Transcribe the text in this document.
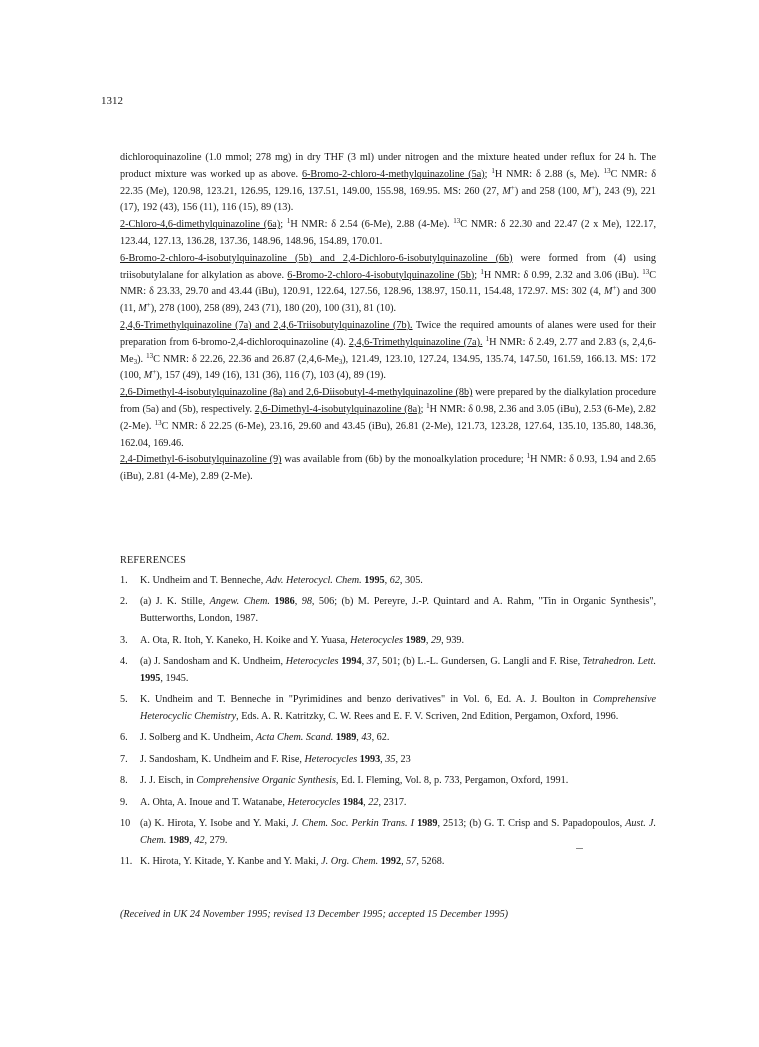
1312
dichloroquinazoline (1.0 mmol; 278 mg) in dry THF (3 ml) under nitrogen and the mixture heated under reflux for 24 h. The product mixture was worked up as above. 6-Bromo-2-chloro-4-methylquinazoline (5a); $^1$H NMR: δ 2.88 (s, Me). $^{13}$C NMR: δ 22.35 (Me), 120.98, 123.21, 126.95, 129.16, 137.51, 149.00, 155.98, 169.95. MS: 260 (27, M+) and 258 (100, M+), 243 (9), 221 (17), 192 (43), 156 (11), 116 (15), 89 (13).
2-Chloro-4,6-dimethylquinazoline (6a); $^1$H NMR: δ 2.54 (6-Me), 2.88 (4-Me). $^{13}$C NMR: δ 22.30 and 22.47 (2 x Me), 122.17, 123.44, 127.13, 136.28, 137.36, 148.96, 148.96, 154.89, 170.01.
6-Bromo-2-chloro-4-isobutylquinazoline (5b) and 2,4-Dichloro-6-isobutylquinazoline (6b) were formed from (4) using triisobutylalane for alkylation as above. 6-Bromo-2-chloro-4-isobutylquinazoline (5b); $^1$H NMR: δ 0.99, 2.32 and 3.06 (iBu). $^{13}$C NMR: δ 23.33, 29.70 and 43.44 (iBu), 120.91, 122.64, 127.56, 128.96, 138.97, 150.11, 154.48, 172.97. MS: 302 (4, M+) and 300 (11, M+), 278 (100), 258 (89), 243 (71), 180 (20), 100 (31), 81 (10).
2,4,6-Trimethylquinazoline (7a) and 2,4,6-Triisobutylquinazoline (7b). Twice the required amounts of alanes were used for their preparation from 6-bromo-2,4-dichloroquinazoline (4). 2,4,6-Trimethylquinazoline (7a). $^1$H NMR: δ 2.49, 2.77 and 2.83 (s, $2,4,6-Me_3$). $^{13}$C NMR: δ 22.26, 22.36 and 26.87 $(2,4,6-Me_3)$, 121.49, 123.10, 127.24, 134.95, 135.74, 147.50, 161.59, 166.13. MS: 172 (100, M+), 157 (49), 149 (16), 131 (36), 116 (7), 103 (4), 89 (19).
2,6-Dimethyl-4-isobutylquinazoline (8a) and 2,6-Diisobutyl-4-methylquinazoline (8b) were prepared by the dialkylation procedure from (5a) and (5b), respectively. 2,6-Dimethyl-4-isobutylquinazoline (8a); $^1$H NMR: δ 0.98, 2.36 and 3.05 (iBu), 2.53 (6-Me), 2.82 (2-Me). $^{13}$C NMR: δ 22.25 (6-Me), 23.16, 29.60 and 43.45 (iBu), 26.81 (2-Me), 121.73, 123.28, 127.64, 135.10, 135.80, 148.36, 162.04, 169.46.
2,4-Dimethyl-6-isobutylquinazoline (9) was available from (6b) by the monoalkylation procedure; $^1$H NMR: δ 0.93, 1.94 and 2.65 (iBu), 2.81 (4-Me), 2.89 (2-Me).
REFERENCES
1.	K. Undheim and T. Benneche, Adv. Heterocycl. Chem. 1995, 62, 305.
2.	(a) J. K. Stille, Angew. Chem. 1986, 98, 506; (b) M. Pereyre, J.-P. Quintard and A. Rahm, "Tin in Organic Synthesis", Butterworths, London, 1987.
3.	A. Ota, R. Itoh, Y. Kaneko, H. Koike and Y. Yuasa, Heterocycles 1989, 29, 939.
4.	(a) J. Sandosham and K. Undheim, Heterocycles 1994, 37, 501; (b) L.-L. Gundersen, G. Langli and F. Rise, Tetrahedron. Lett. 1995, 1945.
5.	K. Undheim and T. Benneche in "Pyrimidines and benzo derivatives" in Vol. 6, Ed. A. J. Boulton in Comprehensive Heterocyclic Chemistry, Eds. A. R. Katritzky, C. W. Rees and E. F. V. Scriven, 2nd Edition, Pergamon, Oxford, 1996.
6.	J. Solberg and K. Undheim, Acta Chem. Scand. 1989, 43, 62.
7.	J. Sandosham, K. Undheim and F. Rise, Heterocycles 1993, 35, 23
8.	J. J. Eisch, in Comprehensive Organic Synthesis, Ed. I. Fleming, Vol. 8, p. 733, Pergamon, Oxford, 1991.
9.	A. Ohta, A. Inoue and T. Watanabe, Heterocycles 1984, 22, 2317.
10 (a) K. Hirota, Y. Isobe and Y. Maki, J. Chem. Soc. Perkin Trans. I 1989, 2513; (b) G. T. Crisp and S. Papadopoulos, Aust. J. Chem. 1989, 42, 279.
11. K. Hirota, Y. Kitade, Y. Kanbe and Y. Maki, J. Org. Chem. 1992, 57, 5268.
(Received in UK 24 November 1995; revised 13 December 1995; accepted 15 December 1995)
